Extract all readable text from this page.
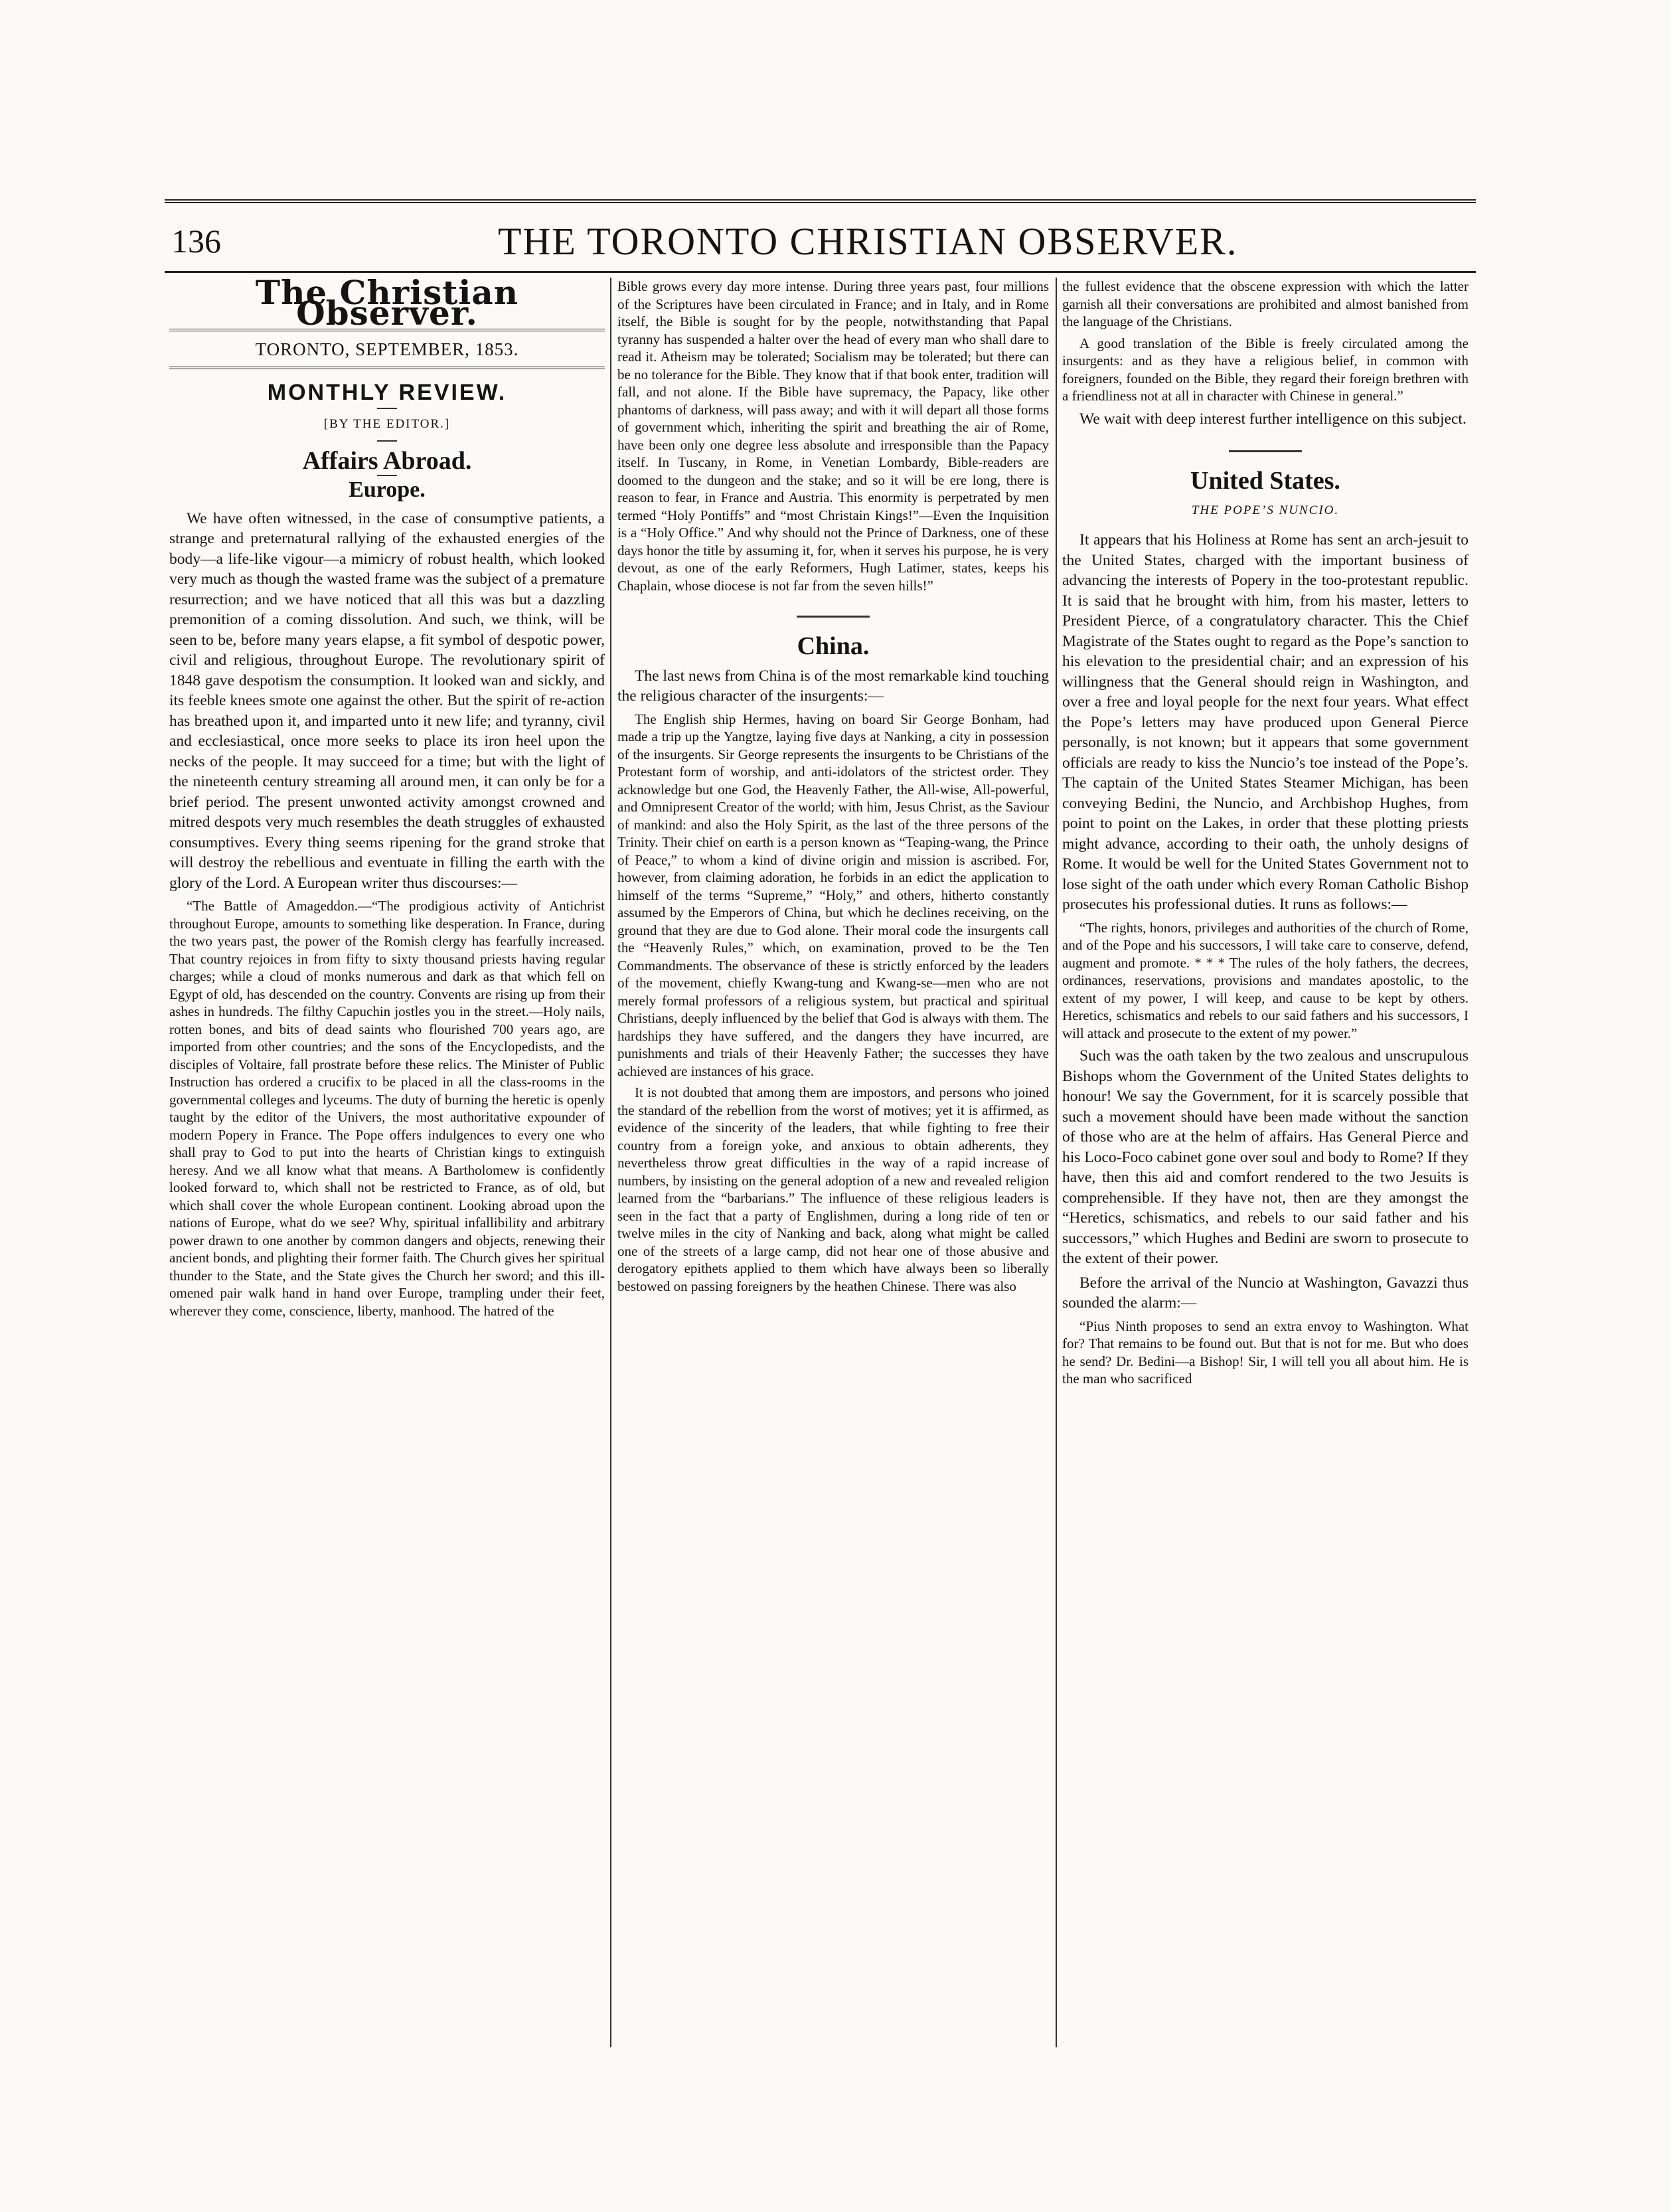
136	THE TORONTO CHRISTIAN OBSERVER.
The Christian Observer.
TORONTO, SEPTEMBER, 1853.
MONTHLY REVIEW.
[BY THE EDITOR.]
Affairs Abroad.
Europe.

We have often witnessed, in the case of consumptive patients, a strange and preternatural rallying of the exhausted energies of the body—a life-like vigour—a mimicry of robust health, which looked very much as though the wasted frame was the subject of a premature resurrection; and we have noticed that all this was but a dazzling premonition of a coming dissolution. And such, we think, will be seen to be, before many years elapse, a fit symbol of despotic power, civil and religious, throughout Europe. The revolutionary spirit of 1848 gave despotism the consumption. It looked wan and sickly, and its feeble knees smote one against the other. But the spirit of re-action has breathed upon it, and imparted unto it new life; and tyranny, civil and ecclesiastical, once more seeks to place its iron heel upon the necks of the people. It may succeed for a time; but with the light of the nineteenth century streaming all around men, it can only be for a brief period. The present unwonted activity amongst crowned and mitred despots very much resembles the death struggles of exhausted consumptives. Every thing seems ripening for the grand stroke that will destroy the rebellious and eventuate in filling the earth with the glory of the Lord. A European writer thus discourses:—

“The Battle of Amageddon.—“The prodigious activity of Antichrist throughout Europe, amounts to something like desperation. In France, during the two years past, the power of the Romish clergy has fearfully increased. That country rejoices in from fifty to sixty thousand priests having regular charges; while a cloud of monks numerous and dark as that which fell on Egypt of old, has descended on the country. Convents are rising up from their ashes in hundreds. The filthy Capuchin jostles you in the street.—Holy nails, rotten bones, and bits of dead saints who flourished 700 years ago, are imported from other countries; and the sons of the Encyclopedists, and the disciples of Voltaire, fall prostrate before these relics. The Minister of Public Instruction has ordered a crucifix to be placed in all the class-rooms in the governmental colleges and lyceums. The duty of burning the heretic is openly taught by the editor of the Univers, the most authoritative expounder of modern Popery in France. The Pope offers indulgences to every one who shall pray to God to put into the hearts of Christian kings to extinguish heresy. And we all know what that means. A Bartholomew is confidently looked forward to, which shall not be restricted to France, as of old, but which shall cover the whole European continent. Looking abroad upon the nations of Europe, what do we see? Why, spiritual infallibility and arbitrary power drawn to one another by common dangers and objects, renewing their ancient bonds, and plighting their former faith. The Church gives her spiritual thunder to the State, and the State gives the Church her sword; and this ill-omened pair walk hand in hand over Europe, trampling under their feet, wherever they come, conscience, liberty, manhood. The hatred of the

Bible grows every day more intense. During three years past, four millions of the Scriptures have been circulated in France; and in Italy, and in Rome itself, the Bible is sought for by the people, notwithstanding that Papal tyranny has suspended a halter over the head of every man who shall dare to read it. Atheism may be tolerated; Socialism may be tolerated; but there can be no tolerance for the Bible. They know that if that book enter, tradition will fall, and not alone. If the Bible have supremacy, the Papacy, like other phantoms of darkness, will pass away; and with it will depart all those forms of government which, inheriting the spirit and breathing the air of Rome, have been only one degree less absolute and irresponsible than the Papacy itself. In Tuscany, in Rome, in Venetian Lombardy, Bible-readers are doomed to the dungeon and the stake; and so it will be ere long, there is reason to fear, in France and Austria. This enormity is perpetrated by men termed “Holy Pontiffs” and “most Christain Kings!”—Even the Inquisition is a “Holy Office.” And why should not the Prince of Darkness, one of these days honor the title by assuming it, for, when it serves his purpose, he is very devout, as one of the early Reformers, Hugh Latimer, states, keeps his Chaplain, whose diocese is not far from the seven hills!”

China.

The last news from China is of the most remarkable kind touching the religious character of the insurgents:—

The English ship Hermes, having on board Sir George Bonham, had made a trip up the Yangtze, laying five days at Nanking, a city in possession of the insurgents. Sir George represents the insurgents to be Christians of the Protestant form of worship, and anti-idolators of the strictest order. They acknowledge but one God, the Heavenly Father, the All-wise, All-powerful, and Omnipresent Creator of the world; with him, Jesus Christ, as the Saviour of mankind: and also the Holy Spirit, as the last of the three persons of the Trinity. Their chief on earth is a person known as “Teaping-wang, the Prince of Peace,” to whom a kind of divine origin and mission is ascribed. For, however, from claiming adoration, he forbids in an edict the application to himself of the terms “Supreme,” “Holy,” and others, hitherto constantly assumed by the Emperors of China, but which he declines receiving, on the ground that they are due to God alone. Their moral code the insurgents call the “Heavenly Rules,” which, on examination, proved to be the Ten Commandments. The observance of these is strictly enforced by the leaders of the movement, chiefly Kwang-tung and Kwang-se—men who are not merely formal professors of a religious system, but practical and spiritual Christians, deeply influenced by the belief that God is always with them. The hardships they have suffered, and the dangers they have incurred, are punishments and trials of their Heavenly Father; the successes they have achieved are instances of his grace.

It is not doubted that among them are impostors, and persons who joined the standard of the rebellion from the worst of motives; yet it is affirmed, as evidence of the sincerity of the leaders, that while fighting to free their country from a foreign yoke, and anxious to obtain adherents, they nevertheless throw great difficulties in the way of a rapid increase of numbers, by insisting on the general adoption of a new and revealed religion learned from the “barbarians.” The influence of these religious leaders is seen in the fact that a party of Englishmen, during a long ride of ten or twelve miles in the city of Nanking and back, along what might be called one of the streets of a large camp, did not hear one of those abusive and derogatory epithets applied to them which have always been so liberally bestowed on passing foreigners by the heathen Chinese. There was also

the fullest evidence that the obscene expression with which the latter garnish all their conversations are prohibited and almost banished from the language of the Christians.

A good translation of the Bible is freely circulated among the insurgents: and as they have a religious belief, in common with foreigners, founded on the Bible, they regard their foreign brethren with a friendliness not at all in character with Chinese in general.”

We wait with deep interest further intelligence on this subject.

United States.
THE POPE’S NUNCIO.

It appears that his Holiness at Rome has sent an arch-jesuit to the United States, charged with the important business of advancing the interests of Popery in the too-protestant republic. It is said that he brought with him, from his master, letters to President Pierce, of a congratulatory character. This the Chief Magistrate of the States ought to regard as the Pope’s sanction to his elevation to the presidential chair; and an expression of his willingness that the General should reign in Washington, and over a free and loyal people for the next four years. What effect the Pope’s letters may have produced upon General Pierce personally, is not known; but it appears that some government officials are ready to kiss the Nuncio’s toe instead of the Pope’s. The captain of the United States Steamer Michigan, has been conveying Bedini, the Nuncio, and Archbishop Hughes, from point to point on the Lakes, in order that these plotting priests might advance, according to their oath, the unholy designs of Rome. It would be well for the United States Government not to lose sight of the oath under which every Roman Catholic Bishop prosecutes his professional duties. It runs as follows:—

“The rights, honors, privileges and authorities of the church of Rome, and of the Pope and his successors, I will take care to conserve, defend, augment and promote. * * * The rules of the holy fathers, the decrees, ordinances, reservations, provisions and mandates apostolic, to the extent of my power, I will keep, and cause to be kept by others. Heretics, schismatics and rebels to our said fathers and his successors, I will attack and prosecute to the extent of my power.”

Such was the oath taken by the two zealous and unscrupulous Bishops whom the Government of the United States delights to honour! We say the Government, for it is scarcely possible that such a movement should have been made without the sanction of those who are at the helm of affairs. Has General Pierce and his Loco-Foco cabinet gone over soul and body to Rome? If they have, then this aid and comfort rendered to the two Jesuits is comprehensible. If they have not, then are they amongst the “Heretics, schismatics, and rebels to our said father and his successors,” which Hughes and Bedini are sworn to prosecute to the extent of their power.

Before the arrival of the Nuncio at Washington, Gavazzi thus sounded the alarm:—

“Pius Ninth proposes to send an extra envoy to Washington. What for? That remains to be found out. But that is not for me. But who does he send? Dr. Bedini—a Bishop! Sir, I will tell you all about him. He is the man who sacrificed
